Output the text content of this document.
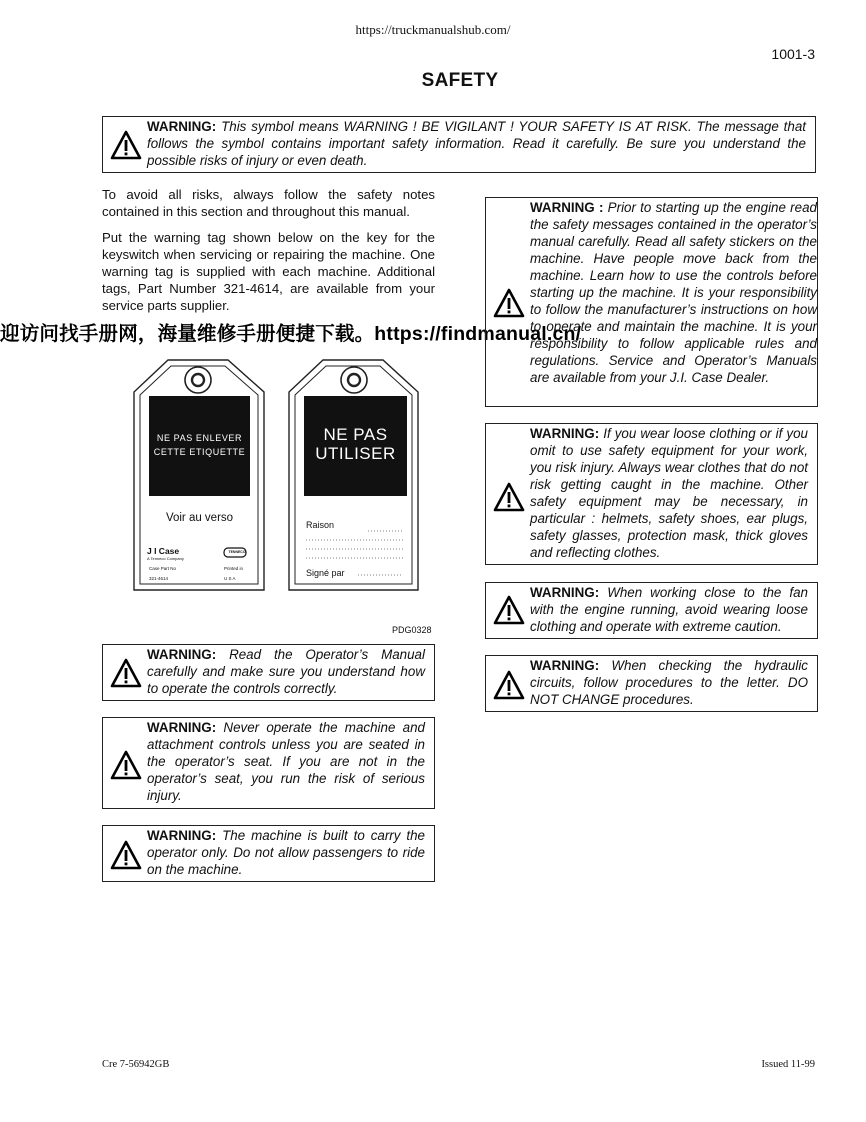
https://truckmanualshub.com/
1001-3
SAFETY
WARNING: This symbol means WARNING ! BE VIGILANT ! YOUR SAFETY IS AT RISK. The message that follows the symbol contains important safety information. Read it carefully. Be sure you understand the possible risks of injury or even death.
To avoid all risks, always follow the safety notes contained in this section and throughout this manual.
Put the warning tag shown below on the key for the keyswitch when servicing or repairing the machine. One warning tag is supplied with each machine. Additional tags, Part Number 321-4614, are available from your service parts supplier.
迎访问找手册网，海量维修手册便捷下载。https://findmanual.cn/
NE PAS ENLEVER
CETTE ETIQUETTE
Voir au verso
J I Case
A Tenneco Company
TENNECO
Case Part No
321-4614
Printed in
U S A
NE PAS
UTILISER
Raison
Signé par
PDG0328
WARNING: Read the Operator’s Manual carefully and make sure you understand how to operate the controls correctly.
WARNING: Never operate the machine and attachment controls unless you are seated in the operator’s seat. If you are not in the operator’s seat, you run the risk of serious injury.
WARNING: The machine is built to carry the operator only. Do not allow passengers to ride on the machine.
WARNING : Prior to starting up the engine read the safety messages contained in the operator’s manual carefully. Read all safety stickers on the machine. Have people move back from the machine. Learn how to use the controls before starting up the machine. It is your responsibility to follow the manufacturer’s instructions on how to operate and maintain the machine. It is your responsibility to follow applicable rules and regulations. Service and Operator’s Manuals are available from your J.I. Case Dealer.
WARNING: If you wear loose clothing or if you omit to use safety equipment for your work, you risk injury. Always wear clothes that do not risk getting caught in the machine. Other safety equipment may be necessary, in particular : helmets, safety shoes, ear plugs, safety glasses, protection mask, thick gloves and reflecting clothes.
WARNING: When working close to the fan with the engine running, avoid wearing loose clothing and operate with extreme caution.
WARNING: When checking the hydraulic circuits, follow procedures to the letter. DO NOT CHANGE procedures.
Cre 7-56942GB	Issued 11-99
